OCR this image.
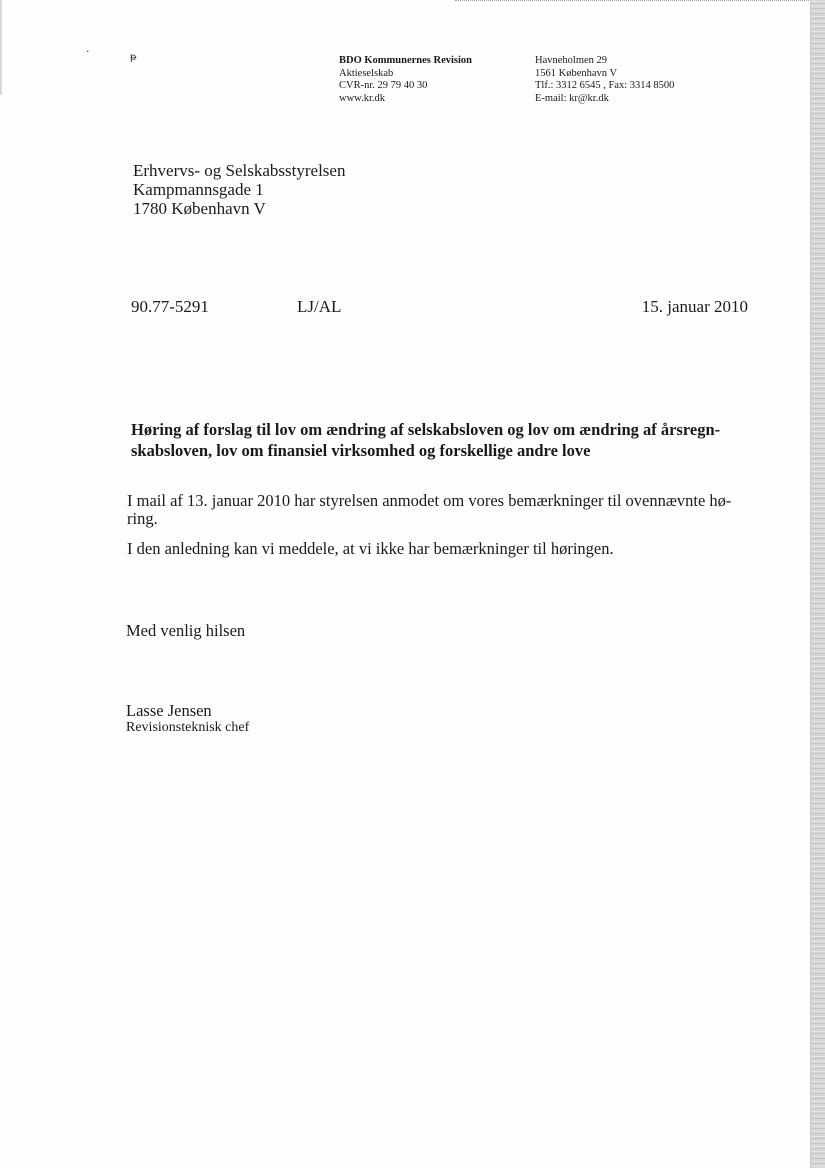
·	ᵽ	BDO Kommunernes Revision
Aktieselskab
CVR-nr. 29 79 40 30
www.kr.dk
Havneholmen 29
1561 København V
Tlf.: 3312 6545 , Fax: 3314 8500
E-mail: kr@kr.dk
Erhvervs- og Selskabsstyrelsen
Kampmannsgade 1
1780 København V
90.77-5291	LJ/AL	15. januar 2010
Høring af forslag til lov om ændring af selskabsloven og lov om ændring af årsregn-skabsloven, lov om finansiel virksomhed og forskellige andre love
I mail af 13. januar 2010 har styrelsen anmodet om vores bemærkninger til ovennævnte hø-ring.
I den anledning kan vi meddele, at vi ikke har bemærkninger til høringen.
Med venlig hilsen
Lasse Jensen
Revisionsteknisk chef
